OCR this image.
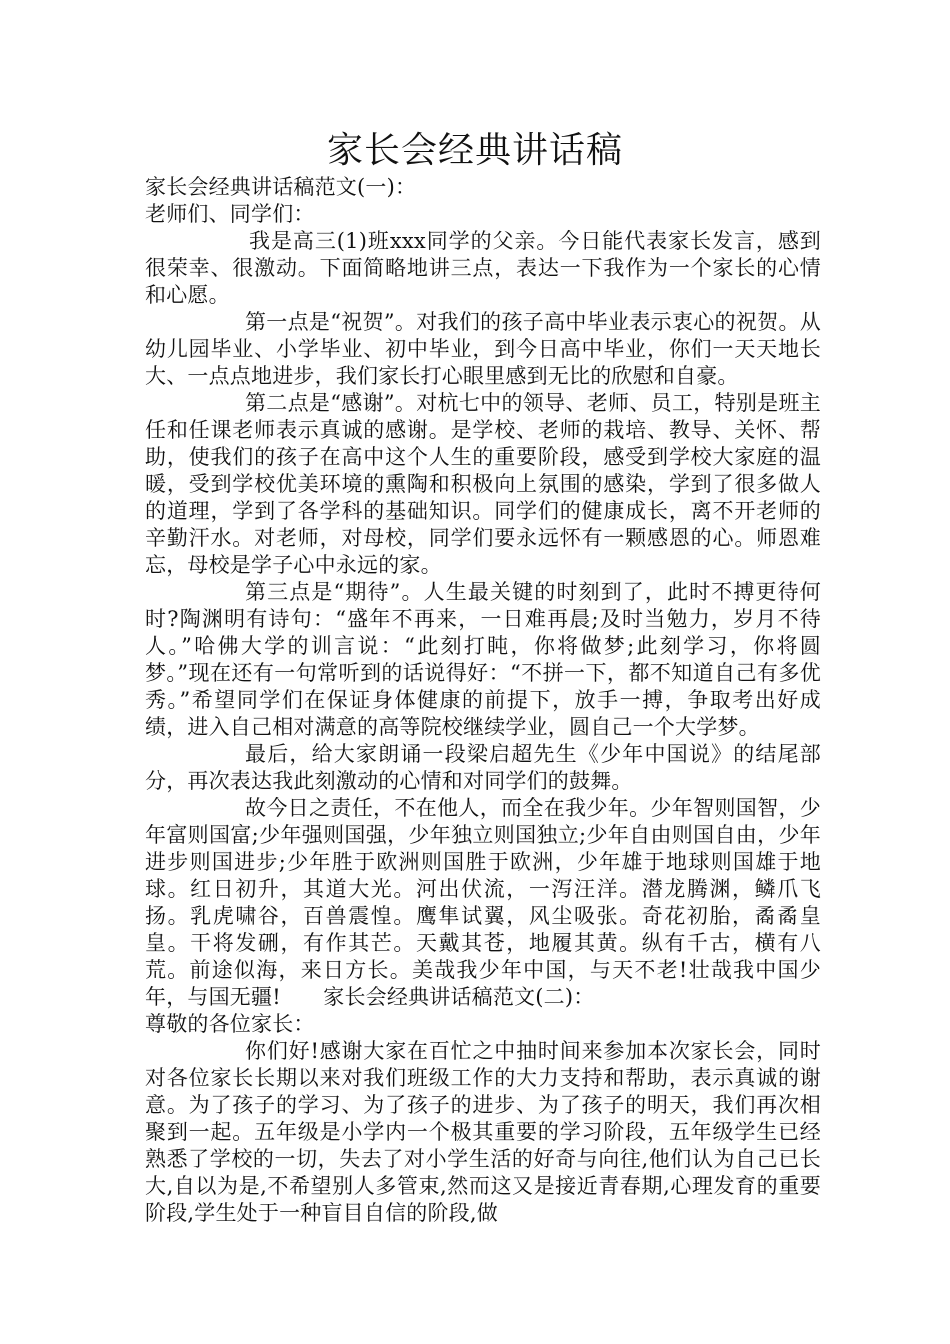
家长会经典讲话稿

家长会经典讲话稿范文(一)：

老师们、同学们：

我是高三(1)班xxx同学的父亲。今日能代表家长发言，感到很荣幸、很激动。下面简略地讲三点，表达一下我作为一个家长的心情和心愿。

第一点是“祝贺”。对我们的孩子高中毕业表示衷心的祝贺。从幼儿园毕业、小学毕业、初中毕业，到今日高中毕业，你们一天天地长大、一点点地进步，我们家长打心眼里感到无比的欣慰和自豪。

第二点是“感谢”。对杭七中的领导、老师、员工，特别是班主任和任课老师表示真诚的感谢。是学校、老师的栽培、教导、关怀、帮助，使我们的孩子在高中这个人生的重要阶段，感受到学校大家庭的温暖，受到学校优美环境的熏陶和积极向上氛围的感染，学到了很多做人的道理，学到了各学科的基础知识。同学们的健康成长，离不开老师的辛勤汗水。对老师，对母校，同学们要永远怀有一颗感恩的心。师恩难忘，母校是学子心中永远的家。

第三点是“期待”。人生最关键的时刻到了，此时不搏更待何时?陶渊明有诗句：“盛年不再来，一日难再晨;及时当勉力，岁月不待人。”哈佛大学的训言说：“此刻打盹，你将做梦;此刻学习，你将圆梦。”现在还有一句常听到的话说得好：“不拼一下，都不知道自己有多优秀。”希望同学们在保证身体健康的前提下，放手一搏，争取考出好成绩，进入自己相对满意的高等院校继续学业，圆自己一个大学梦。

最后，给大家朗诵一段梁启超先生《少年中国说》的结尾部分，再次表达我此刻激动的心情和对同学们的鼓舞。

故今日之责任，不在他人，而全在我少年。少年智则国智，少年富则国富;少年强则国强，少年独立则国独立;少年自由则国自由，少年进步则国进步;少年胜于欧洲则国胜于欧洲，少年雄于地球则国雄于地球。红日初升，其道大光。河出伏流，一泻汪洋。潜龙腾渊，鳞爪飞扬。乳虎啸谷，百兽震惶。鹰隼试翼，风尘吸张。奇花初胎，矞矞皇皇。干将发硎，有作其芒。天戴其苍，地履其黄。纵有千古，横有八荒。前途似海，来日方长。美哉我少年中国，与天不老!壮哉我中国少年，与国无疆!　　家长会经典讲话稿范文(二)：

尊敬的各位家长：

你们好!感谢大家在百忙之中抽时间来参加本次家长会，同时对各位家长长期以来对我们班级工作的大力支持和帮助，表示真诚的谢意。为了孩子的学习、为了孩子的进步、为了孩子的明天，我们再次相聚到一起。五年级是小学内一个极其重要的学习阶段，五年级学生已经熟悉了学校的一切，失去了对小学生活的好奇与向往,他们认为自己已长大,自以为是,不希望别人多管束,然而这又是接近青春期,心理发育的重要阶段,学生处于一种盲目自信的阶段,做
